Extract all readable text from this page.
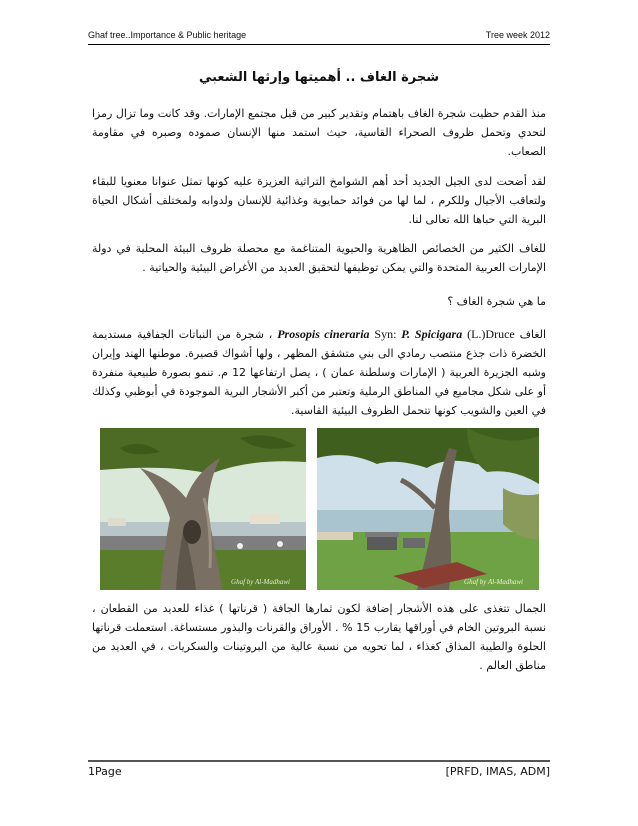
Ghaf tree..Importance & Public heritage	Tree week 2012
شجرة الغاف .. أهميتها وإرثها الشعبي

منذ القدم حظيت شجرة الغاف باهتمام وتقدير كبير من قبل مجتمع الإمارات. وقد كانت وما تزال رمزا لتحدي وتحمل ظروف الصحراء القاسية، حيث استمد منها الإنسان صموده وصبره في مقاومة الصعاب.

لقد أضحت لدى الجيل الجديد أحد أهم الشوامخ التراثية العزيزة عليه كونها تمثل عنوانا معنويا للبقاء ولتعاقب الأجيال وللكرم ، لما لها من فوائد حمايوية وغذائية للإنسان ولدوابه ولمختلف أشكال الحياة البرية التي حباها الله تعالى لنا.

للغاف الكثير من الخصائص الظاهرية والحيوية المتناغمة مع محصلة ظروف البيئة المحلية في دولة الإمارات العربية المتحدة والتي يمكن توظيفها لتحقيق العديد من الأغراض البيئية والحياتية .

ما هي شجرة الغاف ؟

الغاف Prosopis cineraria Syn: P. Spicigara (L.)Druce ، شجرة من النباتات الجفافية مستديمة الخضرة ذات جذع منتصب رمادي الى بني متشقق المظهر ، ولها أشواك قصيرة. موطنها الهند وإيران وشبه الجزيرة العربية ( الإمارات وسلطنة عمان ) ، يصل ارتفاعها 12 م. تنمو بصورة طبيعية منفردة أو على شكل مجاميع في المناطق الرملية وتعتبر من أكبر الأشجار البرية الموجودة في أبوظبي وكذلك في العين والشويب كونها تتحمل الظروف البيئية القاسية.

Ghaf by Al-Madhawi	Ghaf by Al-Madhawi

الجمال تتغذى على هذه الأشجار إضافة لكون ثمارها الجافة ( قرناتها ) غذاء للعديد من القطعان ، نسبة البروتين الخام في أوراقها يقارب 15 % . الأوراق والقرنات والبذور مستساغة. استعملت قرناتها الحلوة والطيبة المذاق كغذاء ، لما تحويه من نسبة عالية من البروتينات والسكريات ، في العديد من مناطق العالم .

1Page	[PRFD, IMAS, ADM]
